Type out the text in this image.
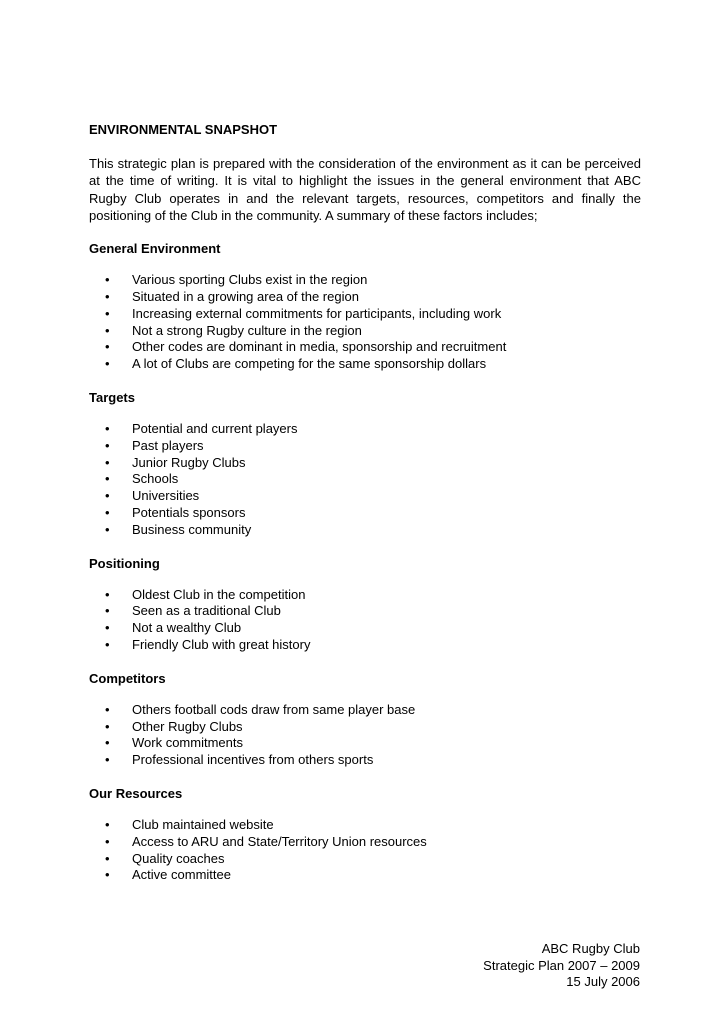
ENVIRONMENTAL SNAPSHOT

This strategic plan is prepared with the consideration of the environment as it can be perceived at the time of writing. It is vital to highlight the issues in the general environment that ABC Rugby Club operates in and the relevant targets, resources, competitors and finally the positioning of the Club in the community. A summary of these factors includes;

General Environment

• Various sporting Clubs exist in the region
• Situated in a growing area of the region
• Increasing external commitments for participants, including work
• Not a strong Rugby culture in the region
• Other codes are dominant in media, sponsorship and recruitment
• A lot of Clubs are competing for the same sponsorship dollars

Targets

• Potential and current players
• Past players
• Junior Rugby Clubs
• Schools
• Universities
• Potentials sponsors
• Business community

Positioning

• Oldest Club in the competition
• Seen as a traditional Club
• Not a wealthy Club
• Friendly Club with great history

Competitors

• Others football cods draw from same player base
• Other Rugby Clubs
• Work commitments
• Professional incentives from others sports

Our Resources

• Club maintained website
• Access to ARU and State/Territory Union resources
• Quality coaches
• Active committee
ABC Rugby Club
Strategic Plan 2007 – 2009
15 July 2006
